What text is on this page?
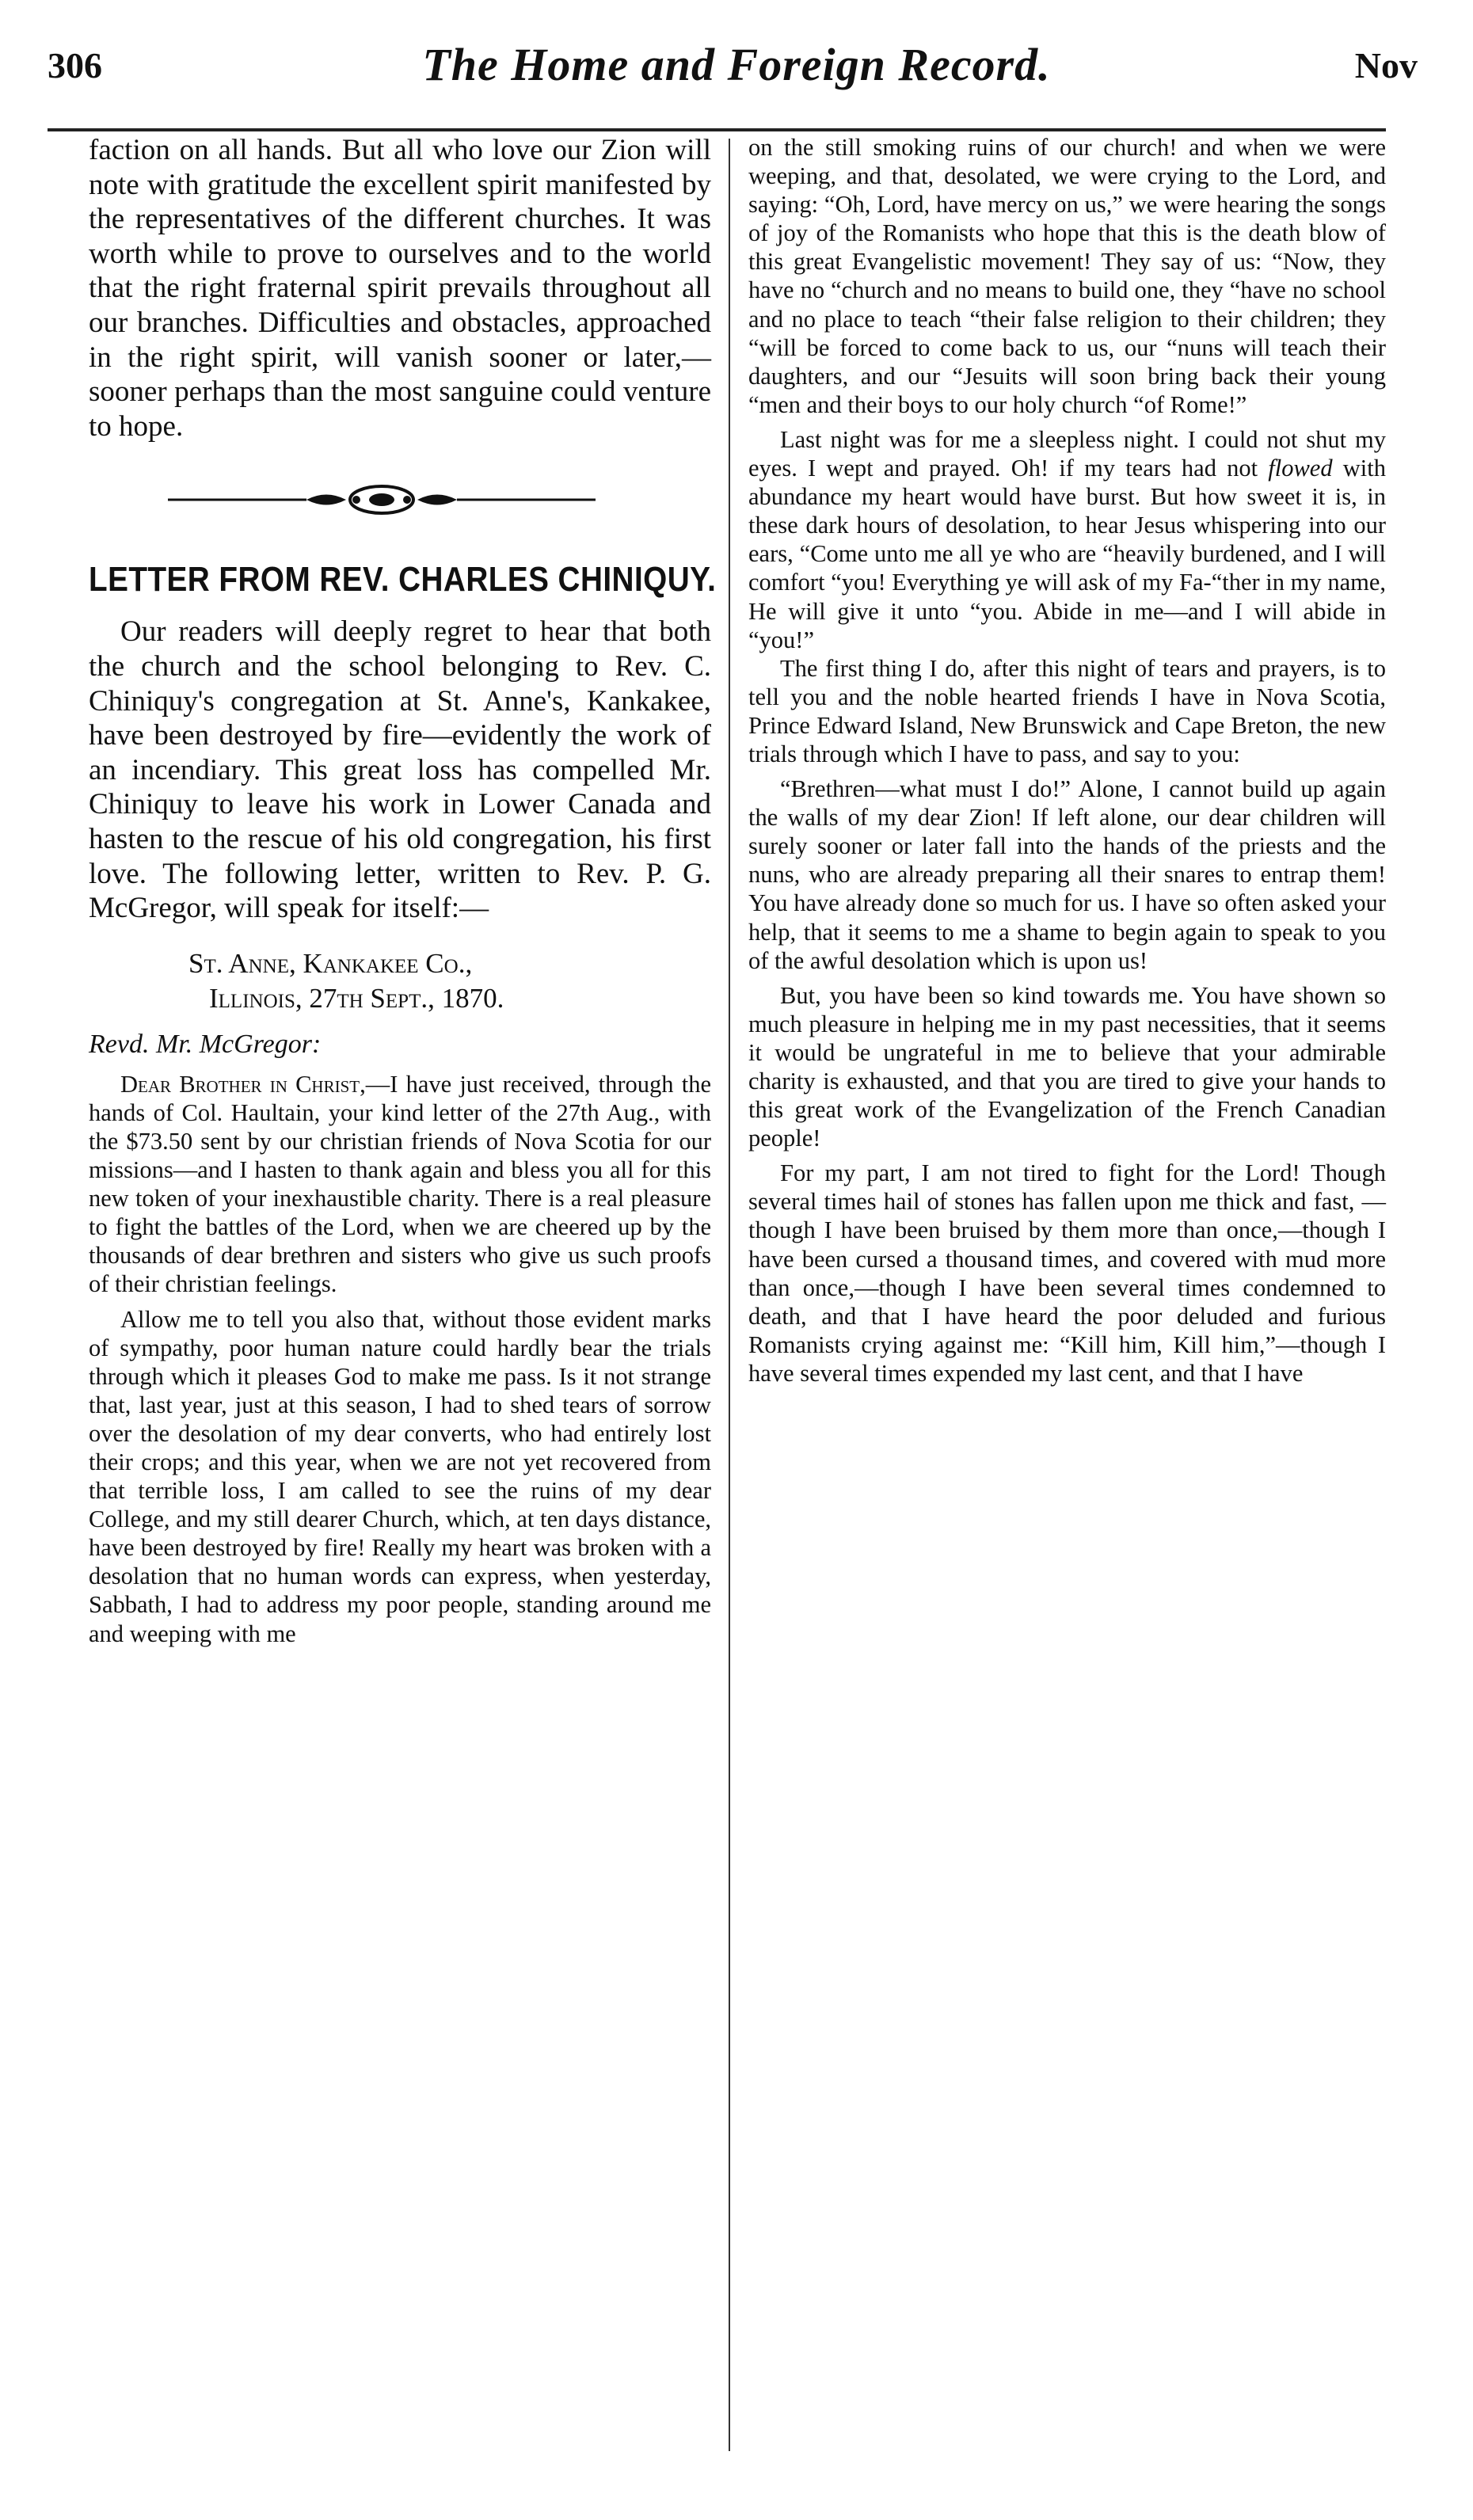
306	The Home and Foreign Record.	Nov

faction on all hands. But all who love our Zion will note with gratitude the excellent spirit manifested by the representatives of the different churches. It was worth while to prove to ourselves and to the world that the right fraternal spirit prevails throughout all our branches. Difficulties and obstacles, approached in the right spirit, will vanish sooner or later,—sooner perhaps than the most sanguine could venture to hope.

LETTER FROM REV. CHARLES CHINIQUY.

Our readers will deeply regret to hear that both the church and the school belonging to Rev. C. Chiniquy's congregation at St. Anne's, Kankakee, have been destroyed by fire—evidently the work of an incendiary. This great loss has compelled Mr. Chiniquy to leave his work in Lower Canada and hasten to the rescue of his old congregation, his first love. The following letter, written to Rev. P. G. McGregor, will speak for itself:—

St. Anne, Kankakee Co.,
Illinois, 27th Sept., 1870.
Revd. Mr. McGregor:

Dear Brother in Christ,—I have just received, through the hands of Col. Haultain, your kind letter of the 27th Aug., with the $73.50 sent by our christian friends of Nova Scotia for our missions—and I hasten to thank again and bless you all for this new token of your inexhaustible charity. There is a real pleasure to fight the battles of the Lord, when we are cheered up by the thousands of dear brethren and sisters who give us such proofs of their christian feelings.

Allow me to tell you also that, without those evident marks of sympathy, poor human nature could hardly bear the trials through which it pleases God to make me pass. Is it not strange that, last year, just at this season, I had to shed tears of sorrow over the desolation of my dear converts, who had entirely lost their crops; and this year, when we are not yet recovered from that terrible loss, I am called to see the ruins of my dear College, and my still dearer Church, which, at ten days distance, have been destroyed by fire! Really my heart was broken with a desolation that no human words can express, when yesterday, Sabbath, I had to address my poor people, standing around me and weeping with me

on the still smoking ruins of our church! and when we were weeping, and that, desolated, we were crying to the Lord, and saying: “Oh, Lord, have mercy on us,” we were hearing the songs of joy of the Romanists who hope that this is the death blow of this great Evangelistic movement! They say of us: “Now, they have no “church and no means to build one, they “have no school and no place to teach “their false religion to their children; they “will be forced to come back to us, our “nuns will teach their daughters, and our “Jesuits will soon bring back their young “men and their boys to our holy church “of Rome!”

Last night was for me a sleepless night. I could not shut my eyes. I wept and prayed. Oh! if my tears had not flowed with abundance my heart would have burst. But how sweet it is, in these dark hours of desolation, to hear Jesus whispering into our ears, “Come unto me all ye who are “heavily burdened, and I will comfort “you! Everything ye will ask of my Fa-“ther in my name, He will give it unto “you. Abide in me—and I will abide in “you!”

The first thing I do, after this night of tears and prayers, is to tell you and the noble hearted friends I have in Nova Scotia, Prince Edward Island, New Brunswick and Cape Breton, the new trials through which I have to pass, and say to you:

“Brethren—what must I do!” Alone, I cannot build up again the walls of my dear Zion! If left alone, our dear children will surely sooner or later fall into the hands of the priests and the nuns, who are already preparing all their snares to entrap them! You have already done so much for us. I have so often asked your help, that it seems to me a shame to begin again to speak to you of the awful desolation which is upon us!

But, you have been so kind towards me. You have shown so much pleasure in helping me in my past necessities, that it seems it would be ungrateful in me to believe that your admirable charity is exhausted, and that you are tired to give your hands to this great work of the Evangelization of the French Canadian people!

For my part, I am not tired to fight for the Lord! Though several times hail of stones has fallen upon me thick and fast, —though I have been bruised by them more than once,—though I have been cursed a thousand times, and covered with mud more than once,—though I have been several times condemned to death, and that I have heard the poor deluded and furious Romanists crying against me: “Kill him, Kill him,”—though I have several times expended my last cent, and that I have
